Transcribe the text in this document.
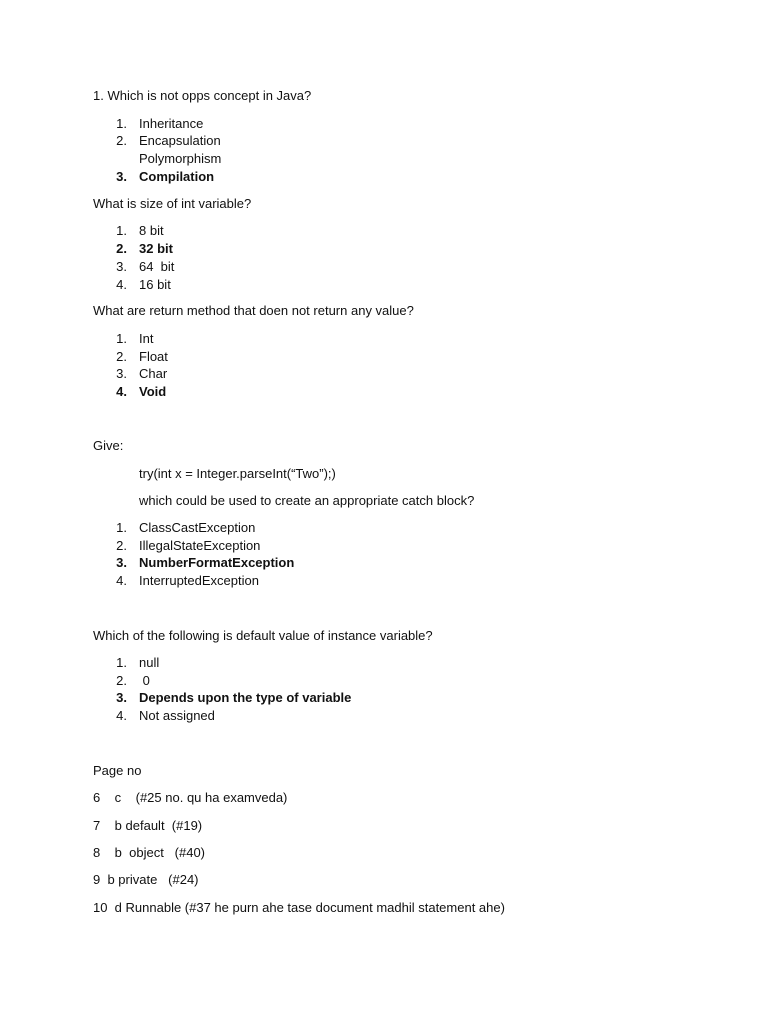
1. Which is not opps concept in Java?
1. Inheritance
2. Encapsulation
Polymorphism
3. Compilation
What is size of int variable?
1. 8 bit
2. 32 bit
3. 64  bit
4. 16 bit
What are return method that doen not return any value?
1. Int
2. Float
3. Char
4. Void
Give:
try(int x = Integer.parseInt(“Two”);)
which could be used to create an appropriate catch block?
1. ClassCastException
2. IllegalStateException
3. NumberFormatException
4. InterruptedException
Which of the following is default value of instance variable?
1. null
2. 0
3. Depends upon the type of variable
4. Not assigned
Page no
6    c    (#25 no. qu ha examveda)
7    b default  (#19)
8    b  object   (#40)
9  b private   (#24)
10  d Runnable (#37 he purn ahe tase document madhil statement ahe)
